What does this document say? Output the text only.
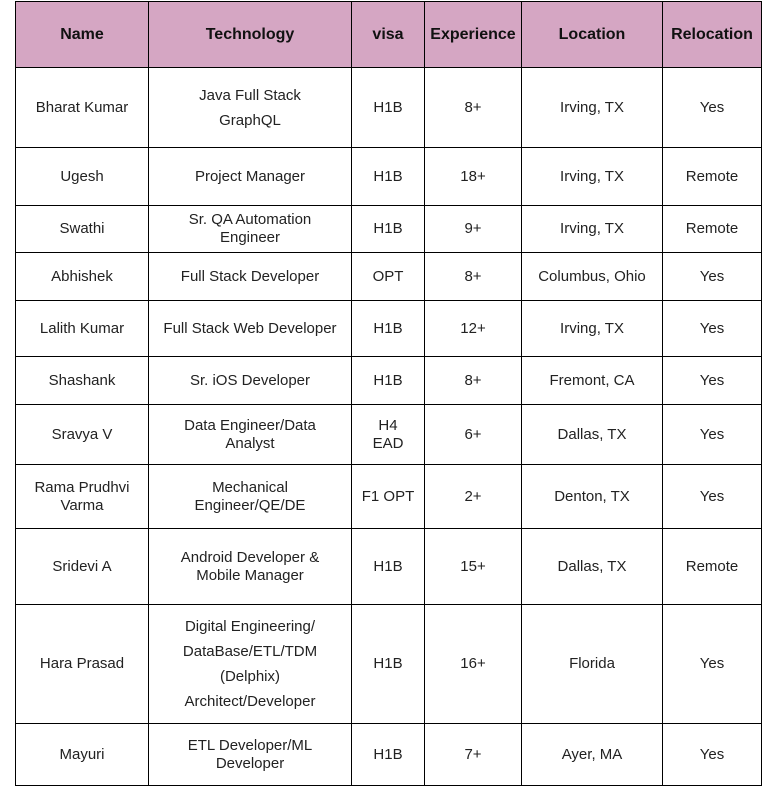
Name	Technology	visa	Experience	Location	Relocation

Bharat Kumar	Java Full Stack
GraphQL	H1B	8+	Irving, TX	Yes

Ugesh	Project Manager	H1B	18+	Irving, TX	Remote

Swathi	Sr. QA Automation
Engineer	H1B	9+	Irving, TX	Remote

Abhishek	Full Stack Developer	OPT	8+	Columbus, Ohio	Yes

Lalith Kumar	Full Stack Web Developer	H1B	12+	Irving, TX	Yes

Shashank	Sr. iOS Developer	H1B	8+	Fremont, CA	Yes

Sravya V	Data Engineer/Data
Analyst	H4
EAD	6+	Dallas, TX	Yes

Rama Prudhvi
Varma	Mechanical
Engineer/QE/DE	F1 OPT	2+	Denton, TX	Yes

Sridevi A	Android Developer &
Mobile Manager	H1B	15+	Dallas, TX	Remote

Hara Prasad	Digital Engineering/
DataBase/ETL/TDM
(Delphix)
Architect/Developer	H1B	16+	Florida	Yes

Mayuri	ETL Developer/ML
Developer	H1B	7+	Ayer, MA	Yes
